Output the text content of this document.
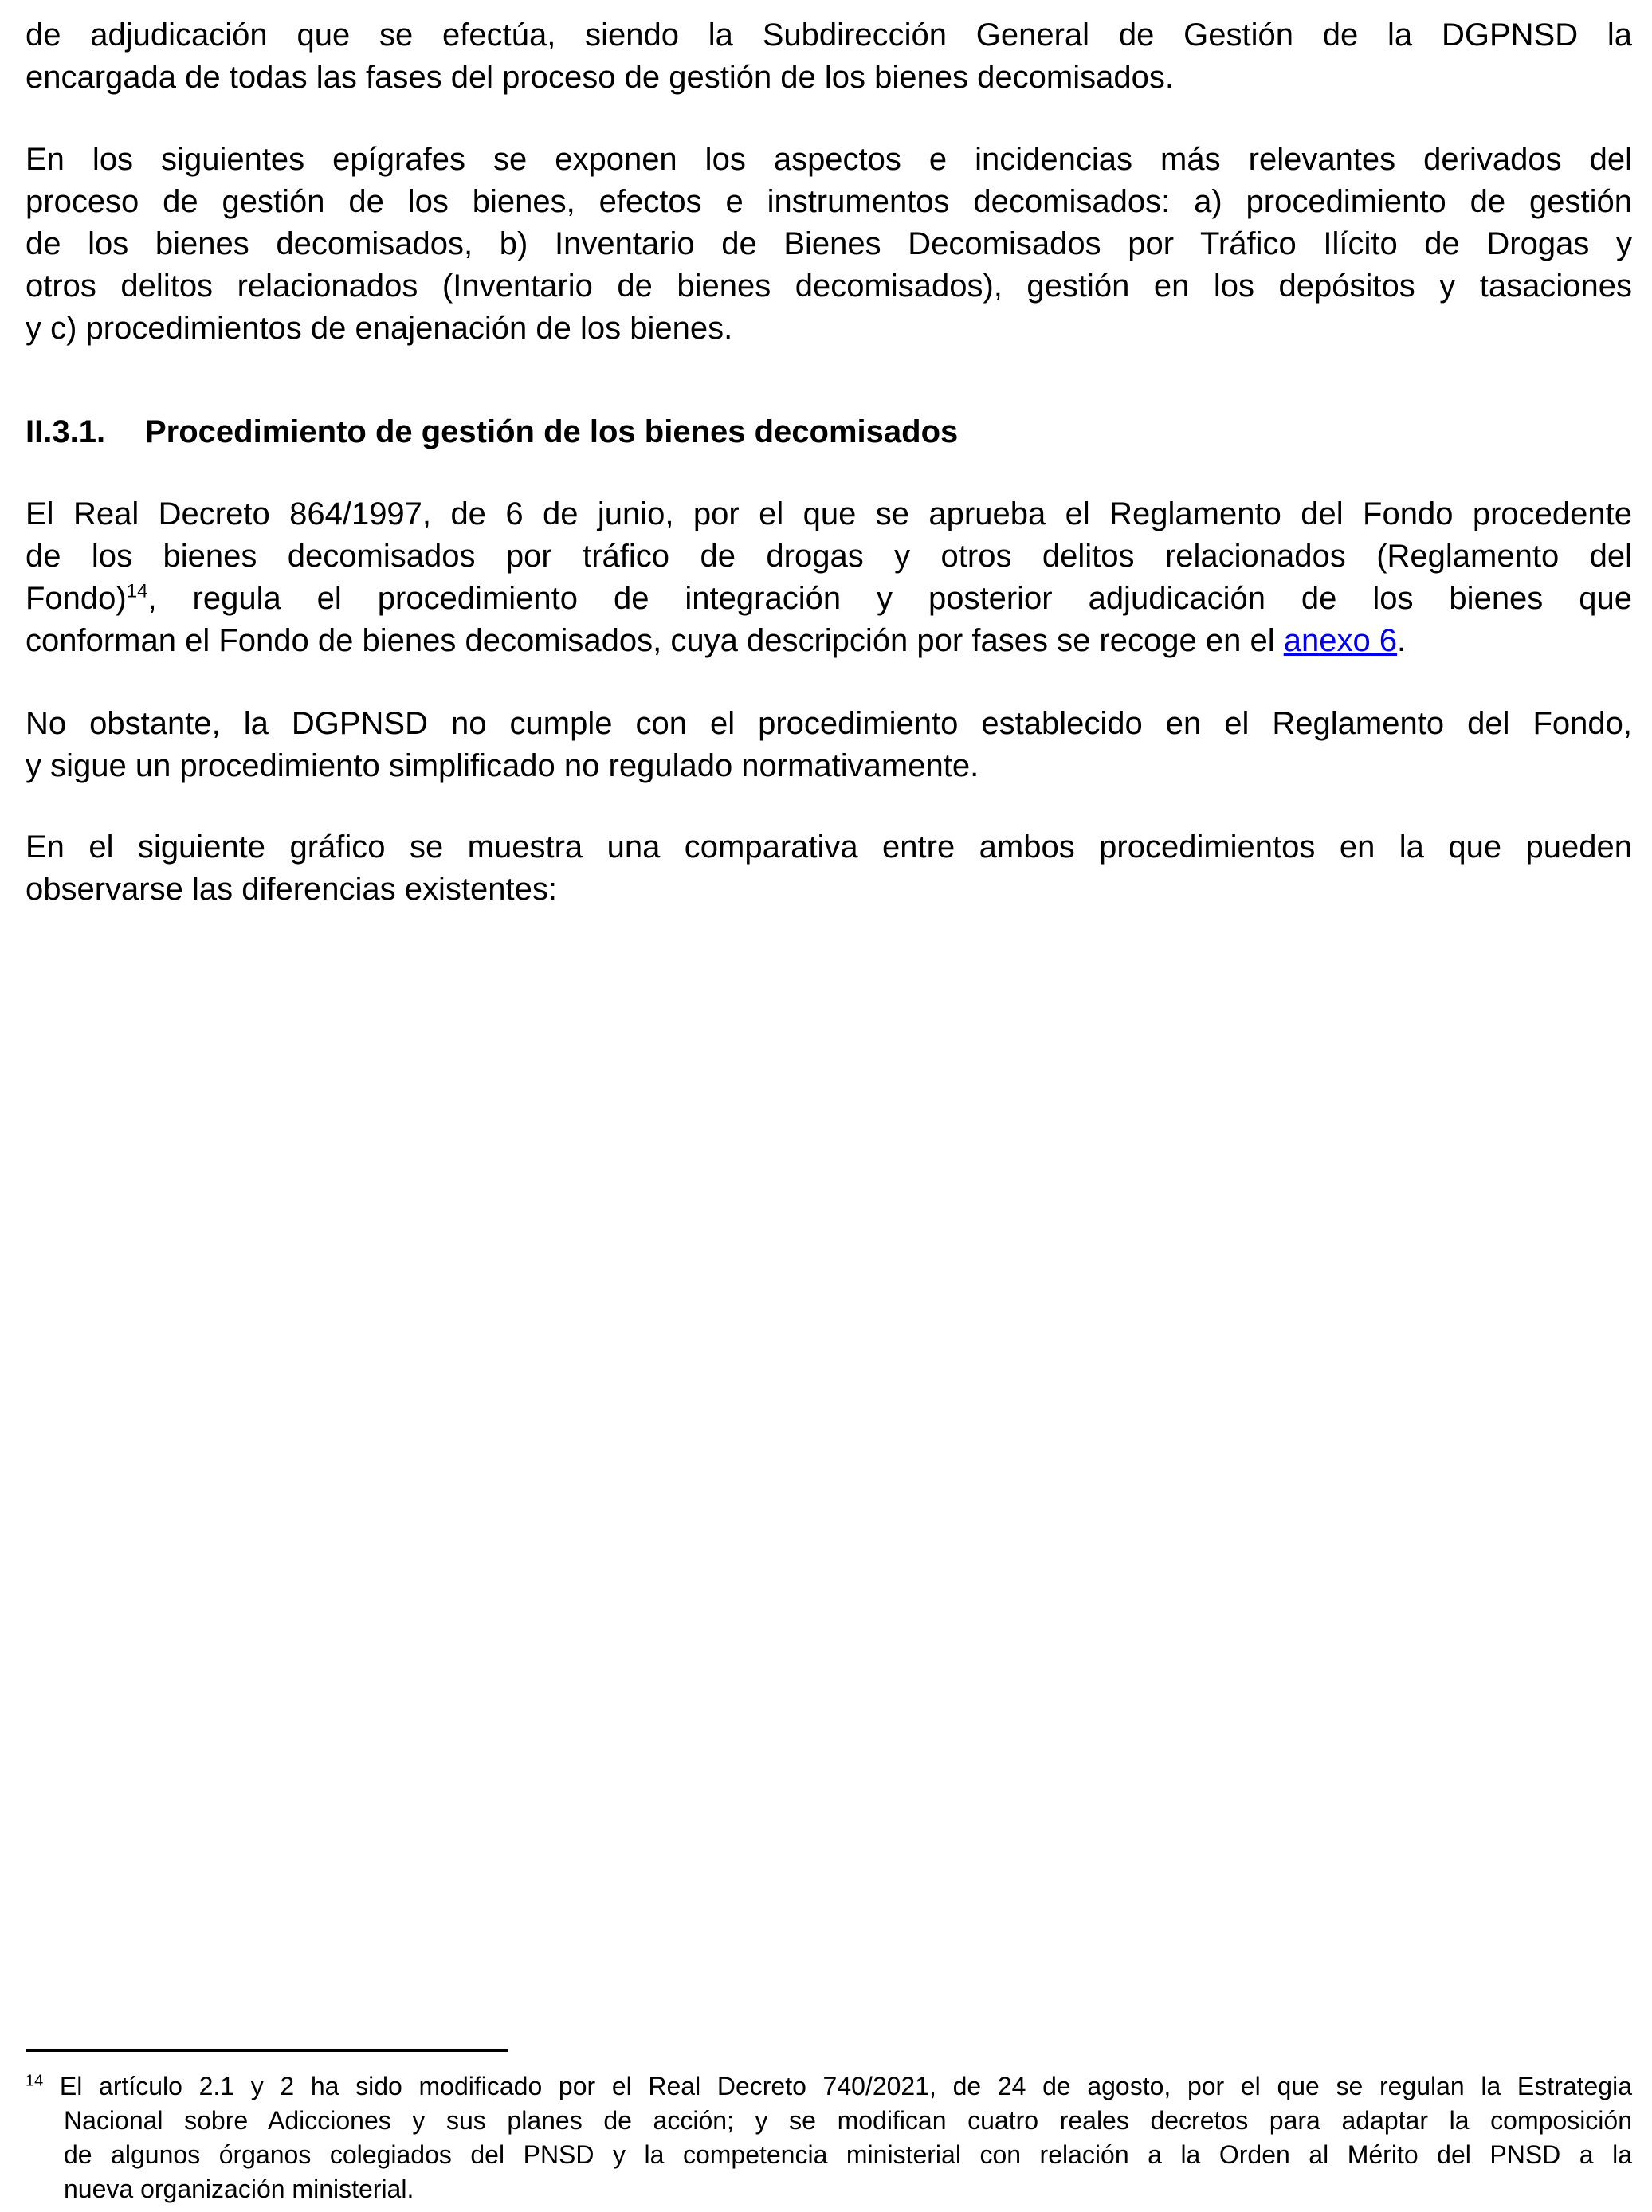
de adjudicación que se efectúa, siendo la Subdirección General de Gestión de la DGPNSD la
encargada de todas las fases del proceso de gestión de los bienes decomisados.
En los siguientes epígrafes se exponen los aspectos e incidencias más relevantes derivados del
proceso de gestión de los bienes, efectos e instrumentos decomisados: a) procedimiento de gestión
de los bienes decomisados, b) Inventario de Bienes Decomisados por Tráfico Ilícito de Drogas y
otros delitos relacionados (Inventario de bienes decomisados), gestión en los depósitos y tasaciones
y c) procedimientos de enajenación de los bienes.
II.3.1. Procedimiento de gestión de los bienes decomisados
El Real Decreto 864/1997, de 6 de junio, por el que se aprueba el Reglamento del Fondo procedente
de los bienes decomisados por tráfico de drogas y otros delitos relacionados (Reglamento del
Fondo)$^{14}$, regula el procedimiento de integración y posterior adjudicación de los bienes que
conforman el Fondo de bienes decomisados, cuya descripción por fases se recoge en el anexo 6.
No obstante, la DGPNSD no cumple con el procedimiento establecido en el Reglamento del Fondo,
y sigue un procedimiento simplificado no regulado normativamente.
En el siguiente gráfico se muestra una comparativa entre ambos procedimientos en la que pueden
observarse las diferencias existentes:
$^{14}$ El artículo 2.1 y 2 ha sido modificado por el Real Decreto 740/2021, de 24 de agosto, por el que se regulan la Estrategia
Nacional sobre Adicciones y sus planes de acción; y se modifican cuatro reales decretos para adaptar la composición
de algunos órganos colegiados del PNSD y la competencia ministerial con relación a la Orden al Mérito del PNSD a la
nueva organización ministerial.
